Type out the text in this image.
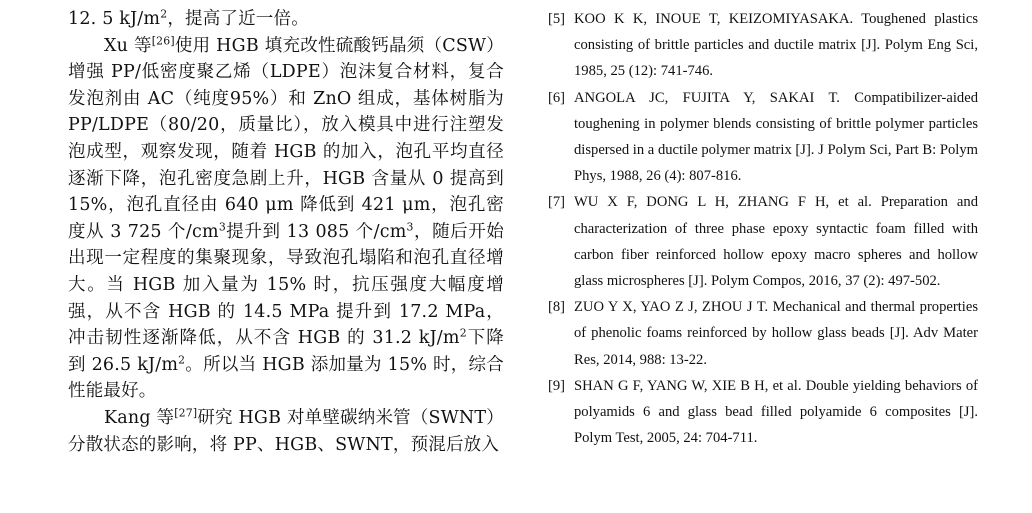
12. 5 $kJ/m^2$，提高了近一倍。

Xu 等[26]使用 HGB 填充改性硫酸钙晶须（CSW）增强 PP/低密度聚乙烯（LDPE）泡沫复合材料，复合发泡剂由 AC（纯度95%）和 ZnO 组成，基体树脂为 PP/LDPE（80/20，质量比），放入模具中进行注塑发泡成型，观察发现，随着 HGB 的加入，泡孔平均直径逐渐下降，泡孔密度急剧上升，HGB 含量从 0 提高到 15%，泡孔直径由 640 μm 降低到 421 μm，泡孔密度从 3 725 个$/cm^3$提升到 13 085 个$/cm^3$，随后开始出现一定程度的集聚现象，导致泡孔塌陷和泡孔直径增大。当 HGB 加入量为 15% 时，抗压强度大幅度增强，从不含 HGB 的 14.5 MPa 提升到 17.2 MPa，冲击韧性逐渐降低，从不含 HGB 的 31.2 $kJ/m^2$下降到 26.5 $kJ/m^2$。所以当 HGB 添加量为 15% 时，综合性能最好。

Kang 等[27]研究 HGB 对单壁碳纳米管（SWNT）分散状态的影响，将 PP、HGB、SWNT，预混后放入

[5] KOO K K, INOUE T, KEIZOMIYASAKA. Toughened plastics consisting of brittle particles and ductile matrix [J]. Polym Eng Sci, 1985, 25 (12): 741-746.
[6] ANGOLA JC, FUJITA Y, SAKAI T. Compatibilizer-aided toughening in polymer blends consisting of brittle polymer particles dispersed in a ductile polymer matrix [J]. J Polym Sci, Part B: Polym Phys, 1988, 26 (4): 807-816.
[7] WU X F, DONG L H, ZHANG F H, et al. Preparation and characterization of three phase epoxy syntactic foam filled with carbon fiber reinforced hollow epoxy macro spheres and hollow glass microspheres [J]. Polym Compos, 2016, 37 (2): 497-502.
[8] ZUO Y X, YAO Z J, ZHOU J T. Mechanical and thermal properties of phenolic foams reinforced by hollow glass beads [J]. Adv Mater Res, 2014, 988: 13-22.
[9] SHAN G F, YANG W, XIE B H, et al. Double yielding behaviors of polyamids 6 and glass bead filled polyamide 6 composites [J]. Polym Test, 2005, 24: 704-711.
